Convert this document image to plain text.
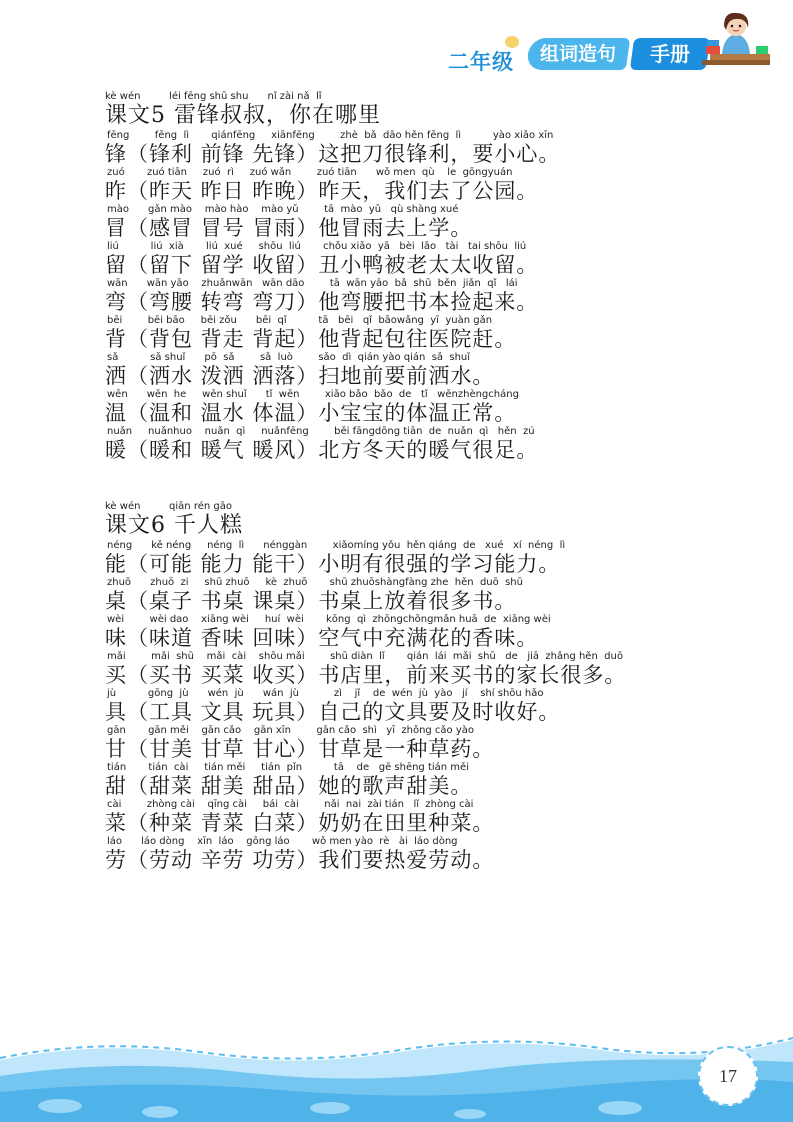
二年级	组词造句	手册
kè wén         léi fēng shū shu      nǐ zài nǎ  lǐ
课文5 雷锋叔叔，你在哪里
fēng        fēng  lì       qiánfēng     xiānfēng        zhè  bǎ  dāo hěn fēng  lì          yào xiǎo xīn
锋（锋利 前锋 先锋）这把刀很锋利，要小心。
zuó       zuó tiān     zuó  rì     zuó wǎn        zuó tiān      wǒ men  qù    le  gōngyuán
昨（昨天 昨日 昨晚）昨天，我们去了公园。
mào      gǎn mào    mào hào    mào yǔ        tā  mào  yǔ   qù shàng xué
冒（感冒 冒号 冒雨）他冒雨去上学。
liú          liú  xià       liú  xué     shōu  liú       chǒu xiǎo  yā   bèi  lǎo   tài   tai shōu  liú
留（留下 留学 收留）丑小鸭被老太太收留。
wān      wān yāo    zhuǎnwān   wān dāo        tā  wān yāo  bǎ  shū  běn  jiǎn  qǐ   lái
弯（弯腰 转弯 弯刀）他弯腰把书本捡起来。
bēi        bēi bāo     bēi zǒu      bēi  qǐ          tā   bēi   qǐ  bāowǎng  yī  yuàn gǎn
背（背包 背走 背起）他背起包往医院赶。
sǎ          sǎ shuǐ      pō  sǎ        sǎ  luò        sǎo  dì  qián yào qián  sǎ  shuǐ
洒（洒水 泼洒 洒落）扫地前要前洒水。
wēn      wēn  he     wēn shuǐ      tǐ  wēn        xiǎo bǎo  bǎo  de   tǐ   wēnzhèngcháng
温（温和 温水 体温）小宝宝的体温正常。
nuǎn     nuǎnhuo    nuǎn  qì     nuǎnfēng        běi fāngdōng tiān  de  nuǎn  qì   hěn  zú
暖（暖和 暖气 暖风）北方冬天的暖气很足。
kè wén         qiān rén gāo
课文6 千人糕
néng      kě néng     néng  lì      nénggàn        xiǎomíng yǒu  hěn qiáng  de   xué   xí  néng  lì
能（可能 能力 能干）小明有很强的学习能力。
zhuō      zhuō  zi     shū zhuō     kè  zhuō       shū zhuōshàngfàng zhe  hěn  duō  shū
桌（桌子 书桌 课桌）书桌上放着很多书。
wèi        wèi dao    xiāng wèi     huí  wèi       kōng  qì  zhōngchōngmǎn huā  de  xiāng wèi
味（味道 香味 回味）空气中充满花的香味。
mǎi        mǎi  shū    mǎi  cài    shōu mǎi        shū diàn  lǐ       qián  lái  mǎi  shū   de   jiā  zhǎng hěn  duō
买（买书 买菜 收买）书店里，前来买书的家长很多。
jù          gōng  jù      wén  jù      wán  jù           zì    jǐ    de  wén  jù  yào   jí    shí shōu hǎo
具（工具 文具 玩具）自己的文具要及时收好。
gān       gān měi    gān cǎo    gān xīn        gān cǎo  shì   yī  zhǒng cǎo yào
甘（甘美 甘草 甘心）甘草是一种草药。
tián       tián  cài     tián měi     tián  pǐn          tā    de   gē shēng tián měi
甜（甜菜 甜美 甜品）她的歌声甜美。
cài        zhòng cài    qīng cài     bái  cài        nǎi  nai  zài tián   lǐ  zhòng cài
菜（种菜 青菜 白菜）奶奶在田里种菜。
láo      láo dòng    xīn  láo    gōng láo       wǒ men yào  rè   ài  láo dòng
劳（劳动 辛劳 功劳）我们要热爱劳动。
17
